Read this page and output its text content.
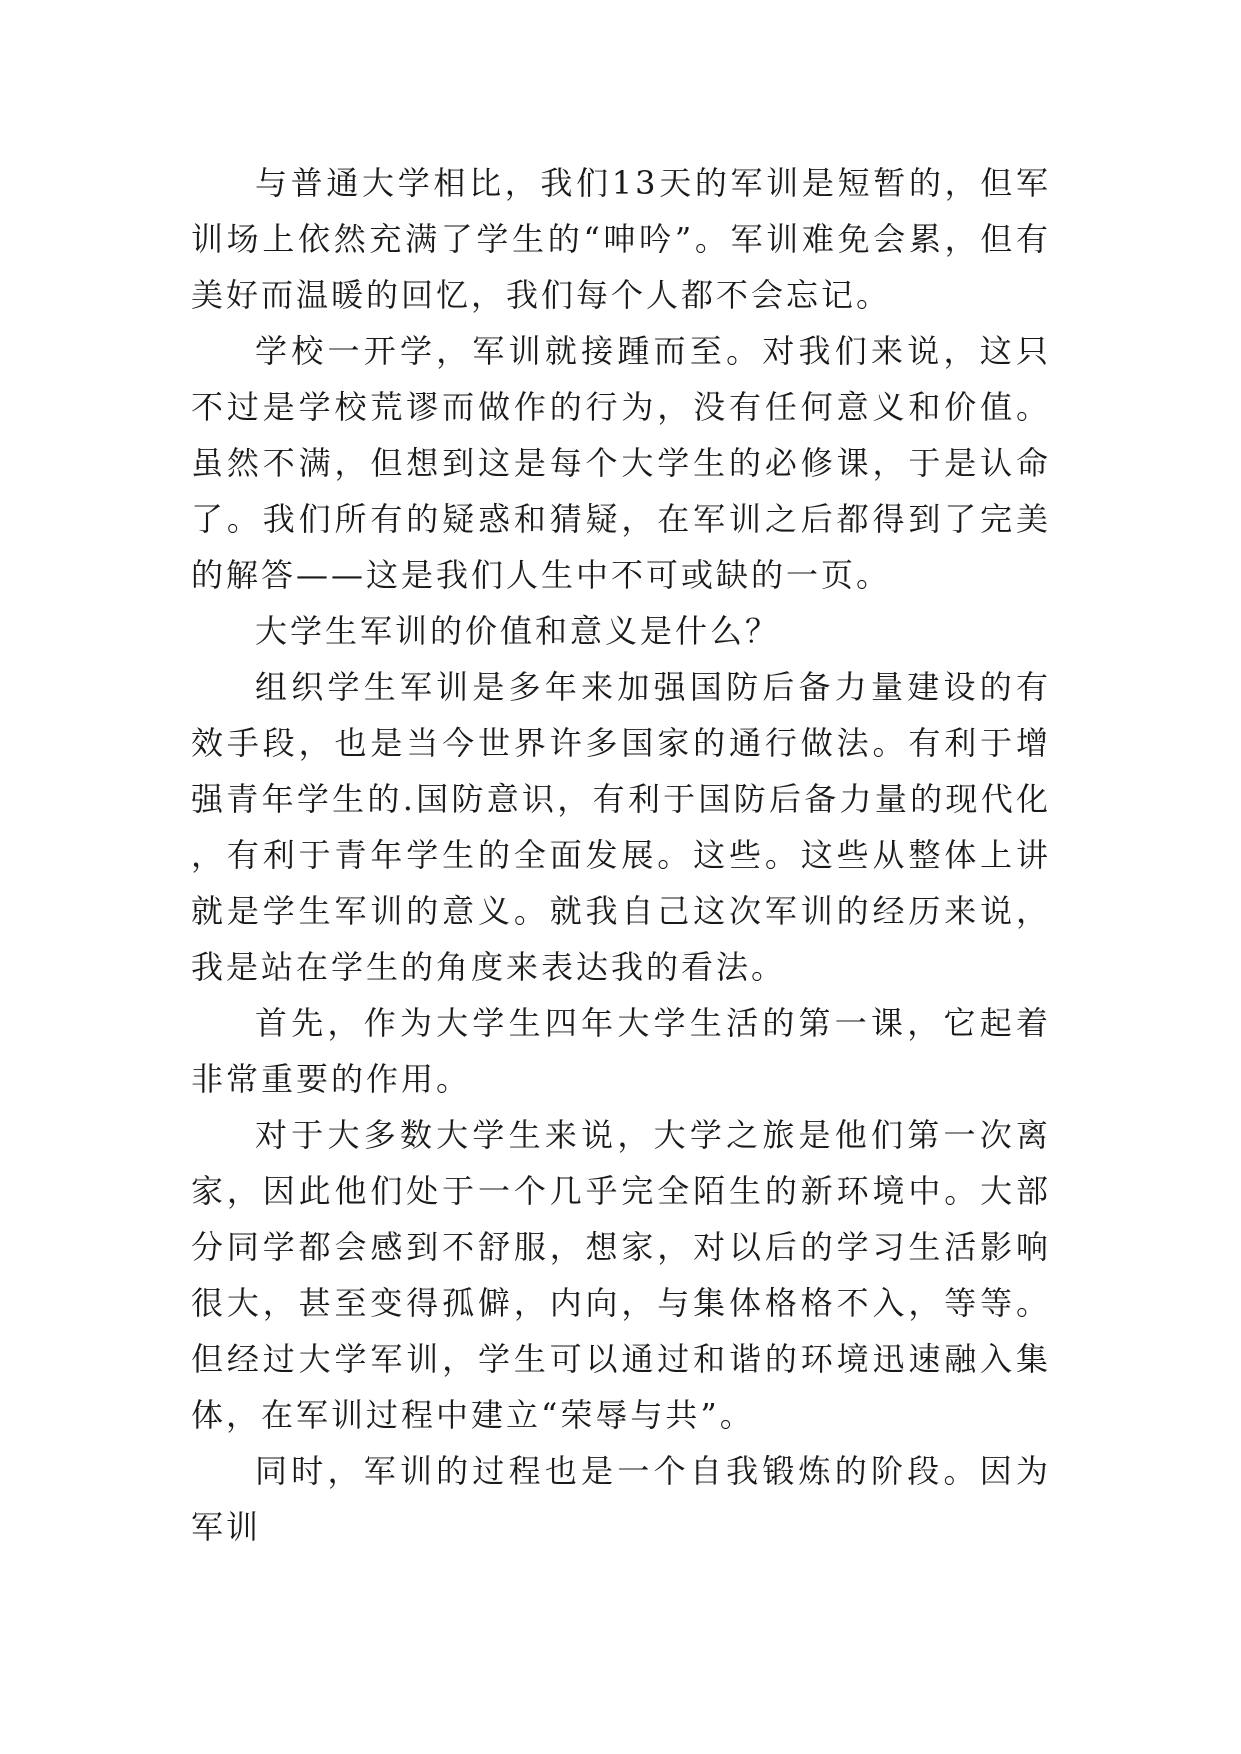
与普通大学相比，我们13天的军训是短暂的，但军训场上依然充满了学生的“呻吟”。军训难免会累，但有美好而温暖的回忆，我们每个人都不会忘记。

学校一开学，军训就接踵而至。对我们来说，这只不过是学校荒谬而做作的行为，没有任何意义和价值。虽然不满，但想到这是每个大学生的必修课，于是认命了。我们所有的疑惑和猜疑，在军训之后都得到了完美的解答——这是我们人生中不可或缺的一页。

大学生军训的价值和意义是什么？

组织学生军训是多年来加强国防后备力量建设的有效手段，也是当今世界许多国家的通行做法。有利于增强青年学生的.国防意识，有利于国防后备力量的现代化，有利于青年学生的全面发展。这些。这些从整体上讲就是学生军训的意义。就我自己这次军训的经历来说，我是站在学生的角度来表达我的看法。

首先，作为大学生四年大学生活的第一课，它起着非常重要的作用。

对于大多数大学生来说，大学之旅是他们第一次离家，因此他们处于一个几乎完全陌生的新环境中。大部分同学都会感到不舒服，想家，对以后的学习生活影响很大，甚至变得孤僻，内向，与集体格格不入，等等。但经过大学军训，学生可以通过和谐的环境迅速融入集体，在军训过程中建立“荣辱与共”。

同时，军训的过程也是一个自我锻炼的阶段。因为军训
